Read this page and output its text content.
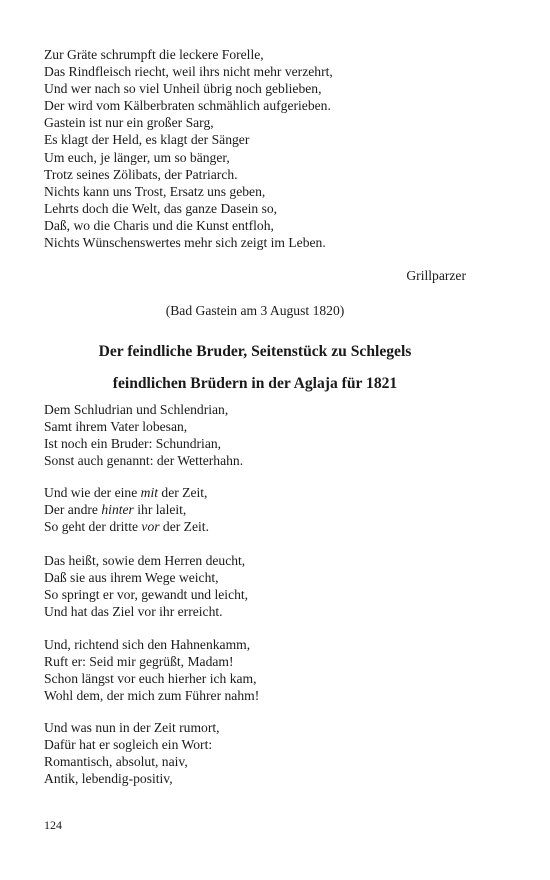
Zur Gräte schrumpft die leckere Forelle,
Das Rindfleisch riecht, weil ihrs nicht mehr verzehrt,
Und wer nach so viel Unheil übrig noch geblieben,
Der wird vom Kälberbraten schmählich aufgerieben.
Gastein ist nur ein großer Sarg,
Es klagt der Held, es klagt der Sänger
Um euch, je länger, um so bänger,
Trotz seines Zölibats, der Patriarch.
Nichts kann uns Trost, Ersatz uns geben,
Lehrts doch die Welt, das ganze Dasein so,
Daß, wo die Charis und die Kunst entfloh,
Nichts Wünschenswertes mehr sich zeigt im Leben.
Grillparzer
(Bad Gastein am 3 August 1820)
Der feindliche Bruder, Seitenstück zu Schlegels
feindlichen Brüdern in der Aglaja für 1821
Dem Schludrian und Schlendrian,
Samt ihrem Vater lobesan,
Ist noch ein Bruder: Schundrian,
Sonst auch genannt: der Wetterhahn.
Und wie der eine mit der Zeit,
Der andre hinter ihr laleit,
So geht der dritte vor der Zeit.
Das heißt, sowie dem Herren deucht,
Daß sie aus ihrem Wege weicht,
So springt er vor, gewandt und leicht,
Und hat das Ziel vor ihr erreicht.
Und, richtend sich den Hahnenkamm,
Ruft er: Seid mir gegrüßt, Madam!
Schon längst vor euch hierher ich kam,
Wohl dem, der mich zum Führer nahm!
Und was nun in der Zeit rumort,
Dafür hat er sogleich ein Wort:
Romantisch, absolut, naiv,
Antik, lebendig-positiv,
124
